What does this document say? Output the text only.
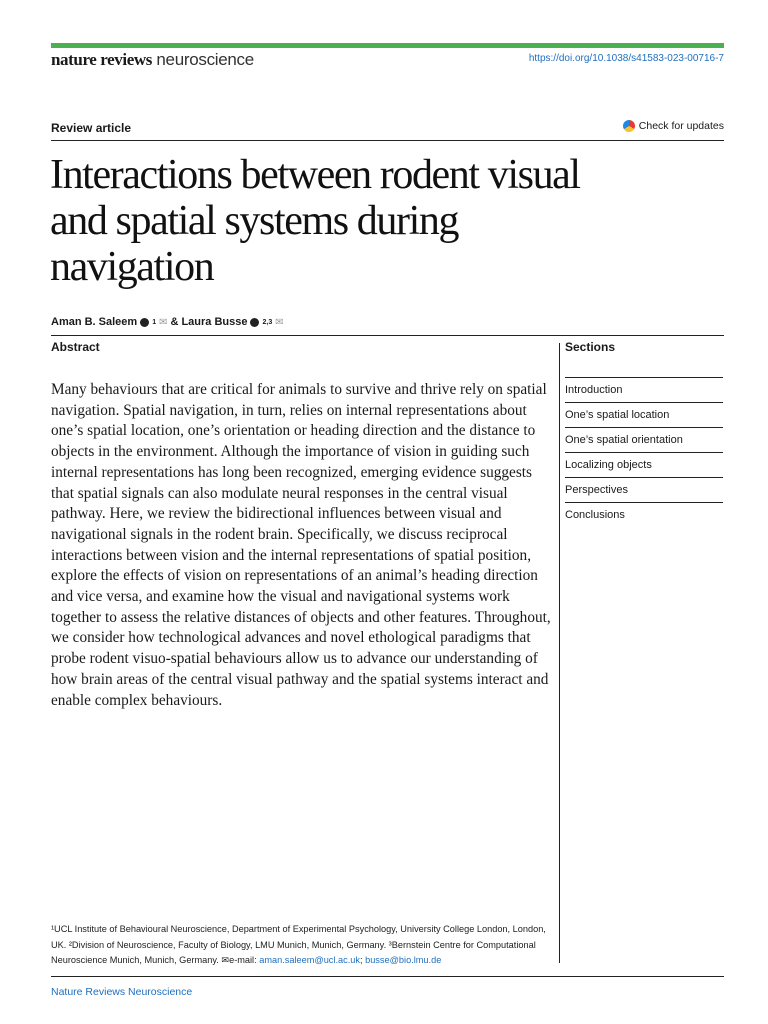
nature reviews neuroscience	https://doi.org/10.1038/s41583-023-00716-7
Review article	Check for updates
Interactions between rodent visual and spatial systems during navigation
Aman B. Saleem 1 ✉ & Laura Busse 2,3 ✉
Abstract

Many behaviours that are critical for animals to survive and thrive rely on spatial navigation. Spatial navigation, in turn, relies on internal representations about one’s spatial location, one’s orientation or heading direction and the distance to objects in the environment. Although the importance of vision in guiding such internal representations has long been recognized, emerging evidence suggests that spatial signals can also modulate neural responses in the central visual pathway. Here, we review the bidirectional influences between visual and navigational signals in the rodent brain. Specifically, we discuss reciprocal interactions between vision and the internal representations of spatial position, explore the effects of vision on representations of an animal’s heading direction and vice versa, and examine how the visual and navigational systems work together to assess the relative distances of objects and other features. Throughout, we consider how technological advances and novel ethological paradigms that probe rodent visuo-spatial behaviours allow us to advance our understanding of how brain areas of the central visual pathway and the spatial systems interact and enable complex behaviours.

Sections
Introduction
One’s spatial location
One’s spatial orientation
Localizing objects
Perspectives
Conclusions

¹UCL Institute of Behavioural Neuroscience, Department of Experimental Psychology, University College London, London, UK. ²Division of Neuroscience, Faculty of Biology, LMU Munich, Munich, Germany. ³Bernstein Centre for Computational Neuroscience Munich, Munich, Germany. ✉e-mail: aman.saleem@ucl.ac.uk; busse@bio.lmu.de

Nature Reviews Neuroscience
